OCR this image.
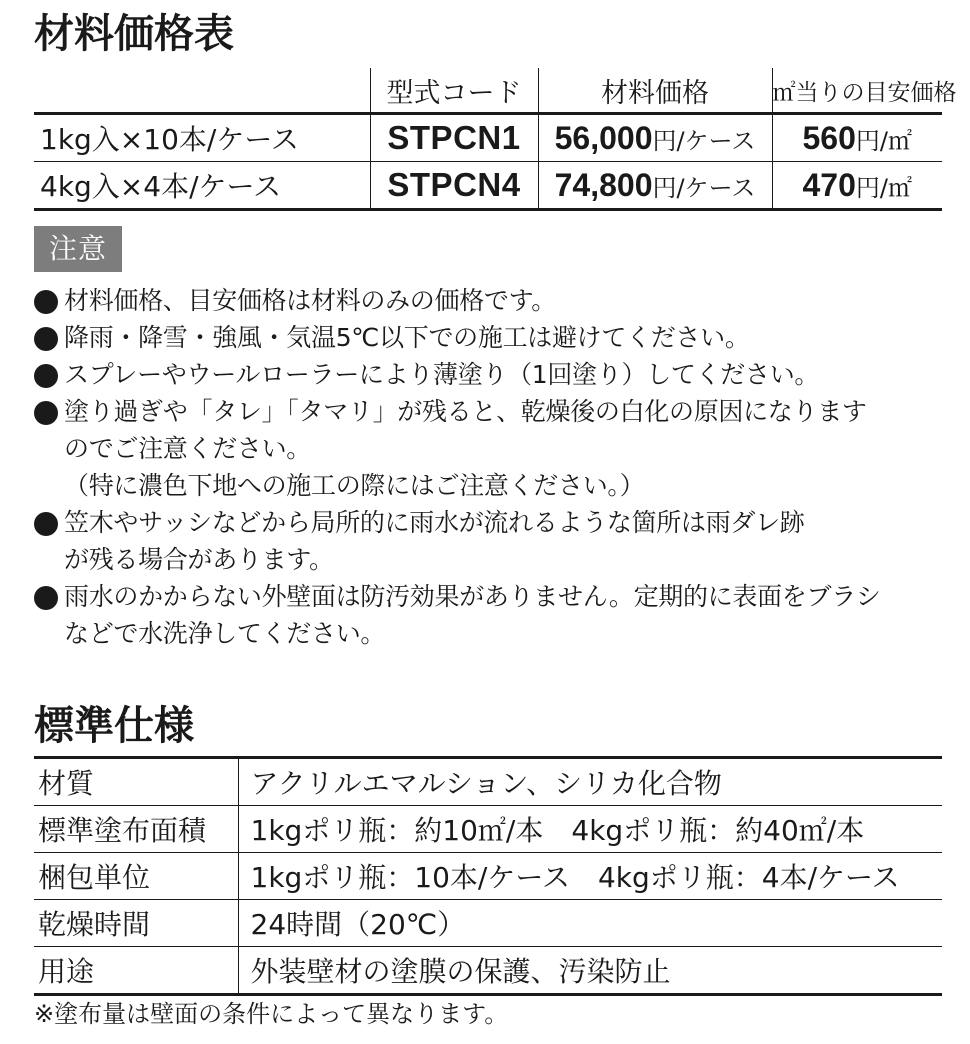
材料価格表
	型式コード	材料価格	㎡当りの目安価格
1kg入×10本/ケース	STPCN1	56,000円/ケース	560円/㎡
4kg入×4本/ケース	STPCN4	74,800円/ケース	470円/㎡
注意
材料価格、目安価格は材料のみの価格です。
降雨・降雪・強風・気温5℃以下での施工は避けてください。
スプレーやウールローラーにより薄塗り（1回塗り）してください。
塗り過ぎや「タレ」「タマリ」が残ると、乾燥後の白化の原因になります
のでご注意ください。
（特に濃色下地への施工の際にはご注意ください。）
笠木やサッシなどから局所的に雨水が流れるような箇所は雨ダレ跡
が残る場合があります。
雨水のかからない外壁面は防汚効果がありません。定期的に表面をブラシ
などで水洗浄してください。
標準仕様
材質	アクリルエマルション、シリカ化合物
標準塗布面積	1kgポリ瓶：約10㎡/本 4kgポリ瓶：約40㎡/本
梱包単位	1kgポリ瓶：10本/ケース 4kgポリ瓶：4本/ケース
乾燥時間	24時間（20℃）
用途	外装壁材の塗膜の保護、汚染防止
※塗布量は壁面の条件によって異なります。
